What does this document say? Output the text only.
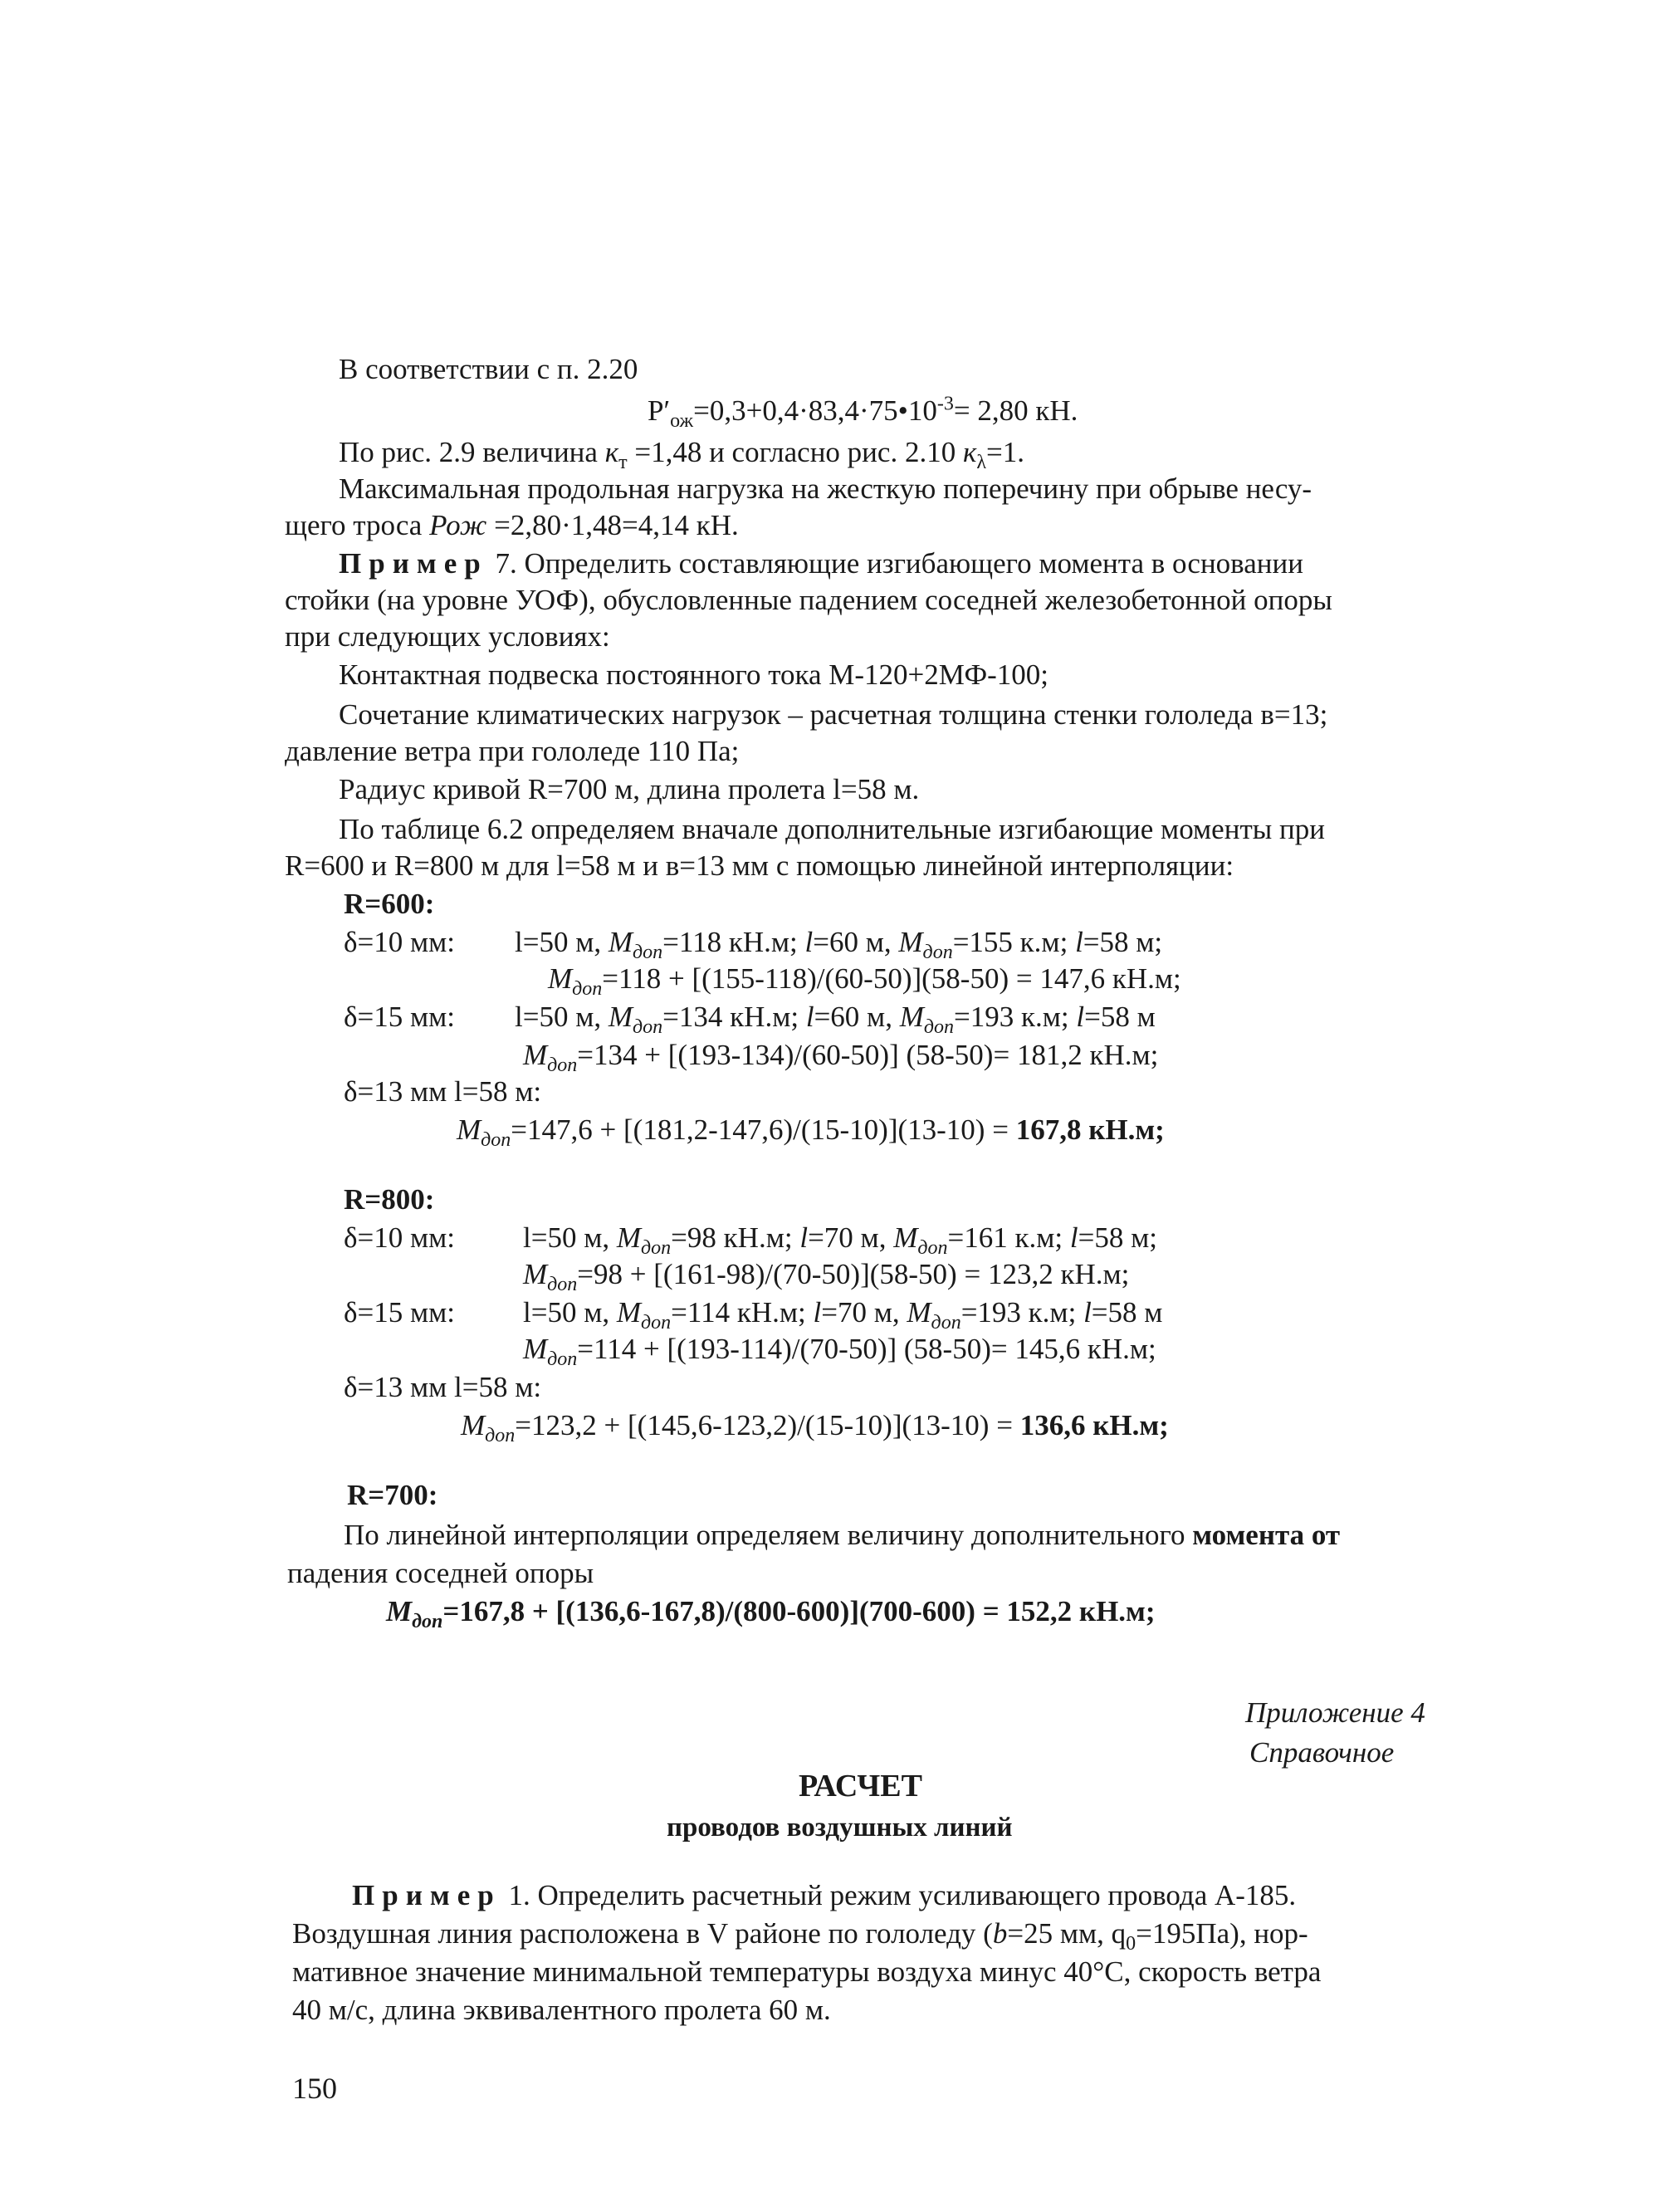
В соответствии с п. 2.20

$P'_{ож}=0,3+0,4\cdot 83,4\cdot 75•10^{-3}= 2,80$ кН.

По рис. 2.9 величина $к_т =1,48$ и согласно рис. 2.10 $к_\lambda=1$.

Максимальная продольная нагрузка на жесткую поперечину при обрыве несу-

щего троса Рож =2,80·1,48=4,14 кН.

Пример 7. Определить составляющие изгибающего момента в основании

стойки (на уровне УОФ), обусловленные падением соседней железобетонной опоры

при следующих условиях:

Контактная подвеска постоянного тока М-120+2МФ-100;

Сочетание климатических нагрузок – расчетная толщина стенки гололеда в=13;

давление ветра при гололеде 110 Па;

Радиус кривой R=700 м, длина пролета l=58 м.

По таблице 6.2 определяем вначале дополнительные изгибающие моменты при

R=600 и R=800 м для l=58 м и в=13 мм с помощью линейной интерполяции:

R=600:

δ=10 мм: l=50 м, $M_{доп}=118$ кН.м; l=60 м, $M_{доп}=155$ к.м; l=58 м;

$M_{доп}=118 + [(155-118)/(60-50)](58-50) = 147,6$ кН.м;

δ=15 мм: l=50 м, $M_{доп}=134$ кН.м; l=60 м, $M_{доп}=193$ к.м; l=58 м

$M_{доп}=134 + [(193-134)/(60-50)]$ (58-50)= 181,2 кН.м;

δ=13 мм l=58 м:

$M_{доп}=147,6 + [(181,2-147,6)/(15-10)](13-10) = 167,8$ кН.м;

R=800:

δ=10 мм: l=50 м, $M_{доп}=98$ кН.м; l=70 м, $M_{доп}=161$ к.м; l=58 м;

$M_{доп}=98 + [(161-98)/(70-50)](58-50) = 123,2$ кН.м;

δ=15 мм: l=50 м, $M_{доп}=114$ кН.м; l=70 м, $M_{доп}=193$ к.м; l=58 м

$M_{доп}=114 + [(193-114)/(70-50)]$ (58-50)= 145,6 кН.м;

δ=13 мм l=58 м:

$M_{доп}=123,2 + [(145,6-123,2)/(15-10)](13-10) = 136,6$ кН.м;

R=700:

По линейной интерполяции определяем величину дополнительного момента от

падения соседней опоры

$M_{доп}=167,8 + [(136,6-167,8)/(800-600)](700-600) = 152,2$ кН.м;

Приложение 4

Справочное

РАСЧЕТ

проводов воздушных линий

Пример 1. Определить расчетный режим усиливающего провода А-185.

Воздушная линия расположена в V районе по гололеду (b=25 мм, $q_0=195Па$), нор-

мативное значение минимальной температуры воздуха минус 40°С, скорость ветра

40 м/с, длина эквивалентного пролета 60 м.

150
